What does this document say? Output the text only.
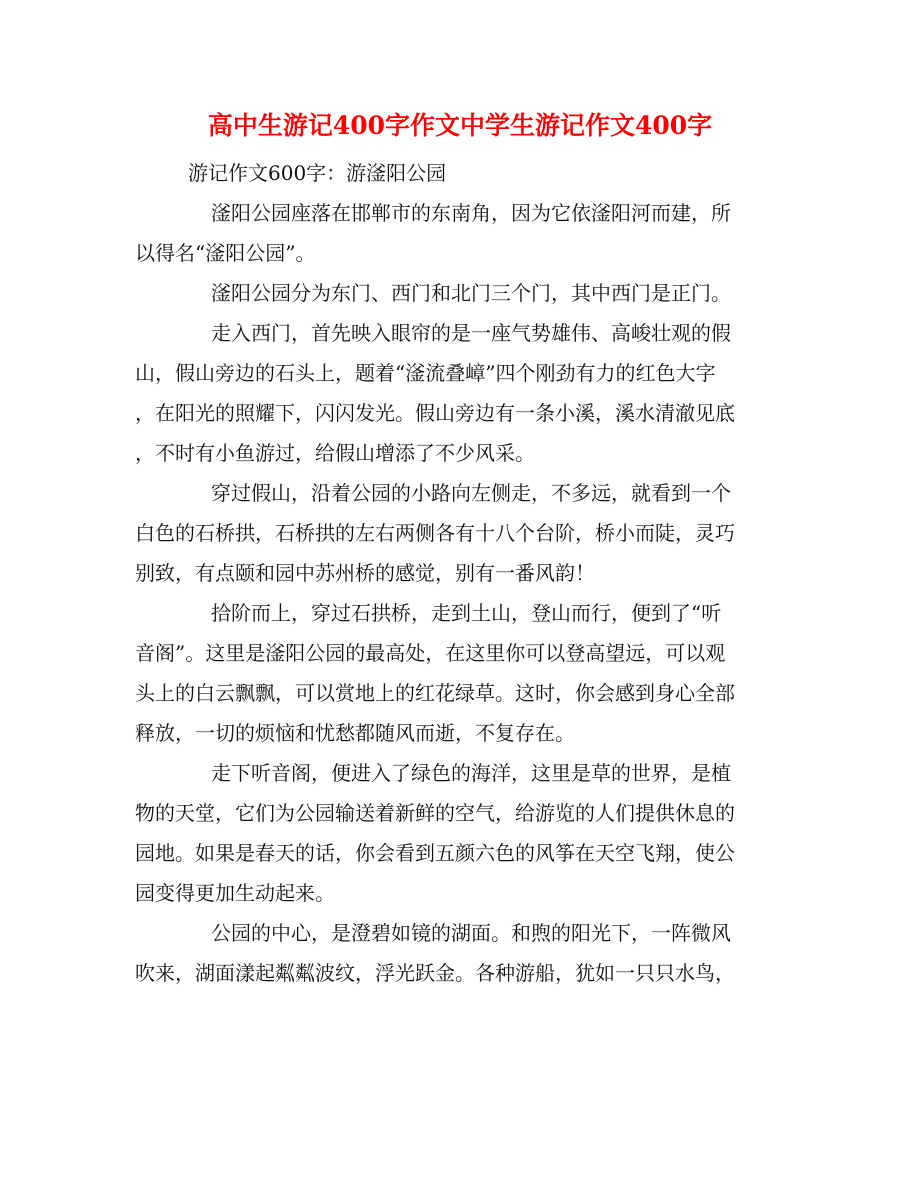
高中生游记400字作文中学生游记作文400字
游记作文600字：游滏阳公园
滏阳公园座落在邯郸市的东南角，因为它依滏阳河而建，所
以得名“滏阳公园”。
滏阳公园分为东门、西门和北门三个门，其中西门是正门。
走入西门，首先映入眼帘的是一座气势雄伟、高峻壮观的假
山，假山旁边的石头上，题着“滏流叠嶂”四个刚劲有力的红色大字
，在阳光的照耀下，闪闪发光。假山旁边有一条小溪，溪水清澈见底
，不时有小鱼游过，给假山增添了不少风采。
穿过假山，沿着公园的小路向左侧走，不多远，就看到一个
白色的石桥拱，石桥拱的左右两侧各有十八个台阶，桥小而陡，灵巧
别致，有点颐和园中苏州桥的感觉，别有一番风韵！
拾阶而上，穿过石拱桥，走到土山，登山而行，便到了“听
音阁”。这里是滏阳公园的最高处，在这里你可以登高望远，可以观
头上的白云飘飘，可以赏地上的红花绿草。这时，你会感到身心全部
释放，一切的烦恼和忧愁都随风而逝，不复存在。
走下听音阁，便进入了绿色的海洋，这里是草的世界，是植
物的天堂，它们为公园输送着新鲜的空气，给游览的人们提供休息的
园地。如果是春天的话，你会看到五颜六色的风筝在天空飞翔，使公
园变得更加生动起来。
公园的中心，是澄碧如镜的湖面。和煦的阳光下，一阵微风
吹来，湖面漾起粼粼波纹，浮光跃金。各种游船，犹如一只只水鸟，
